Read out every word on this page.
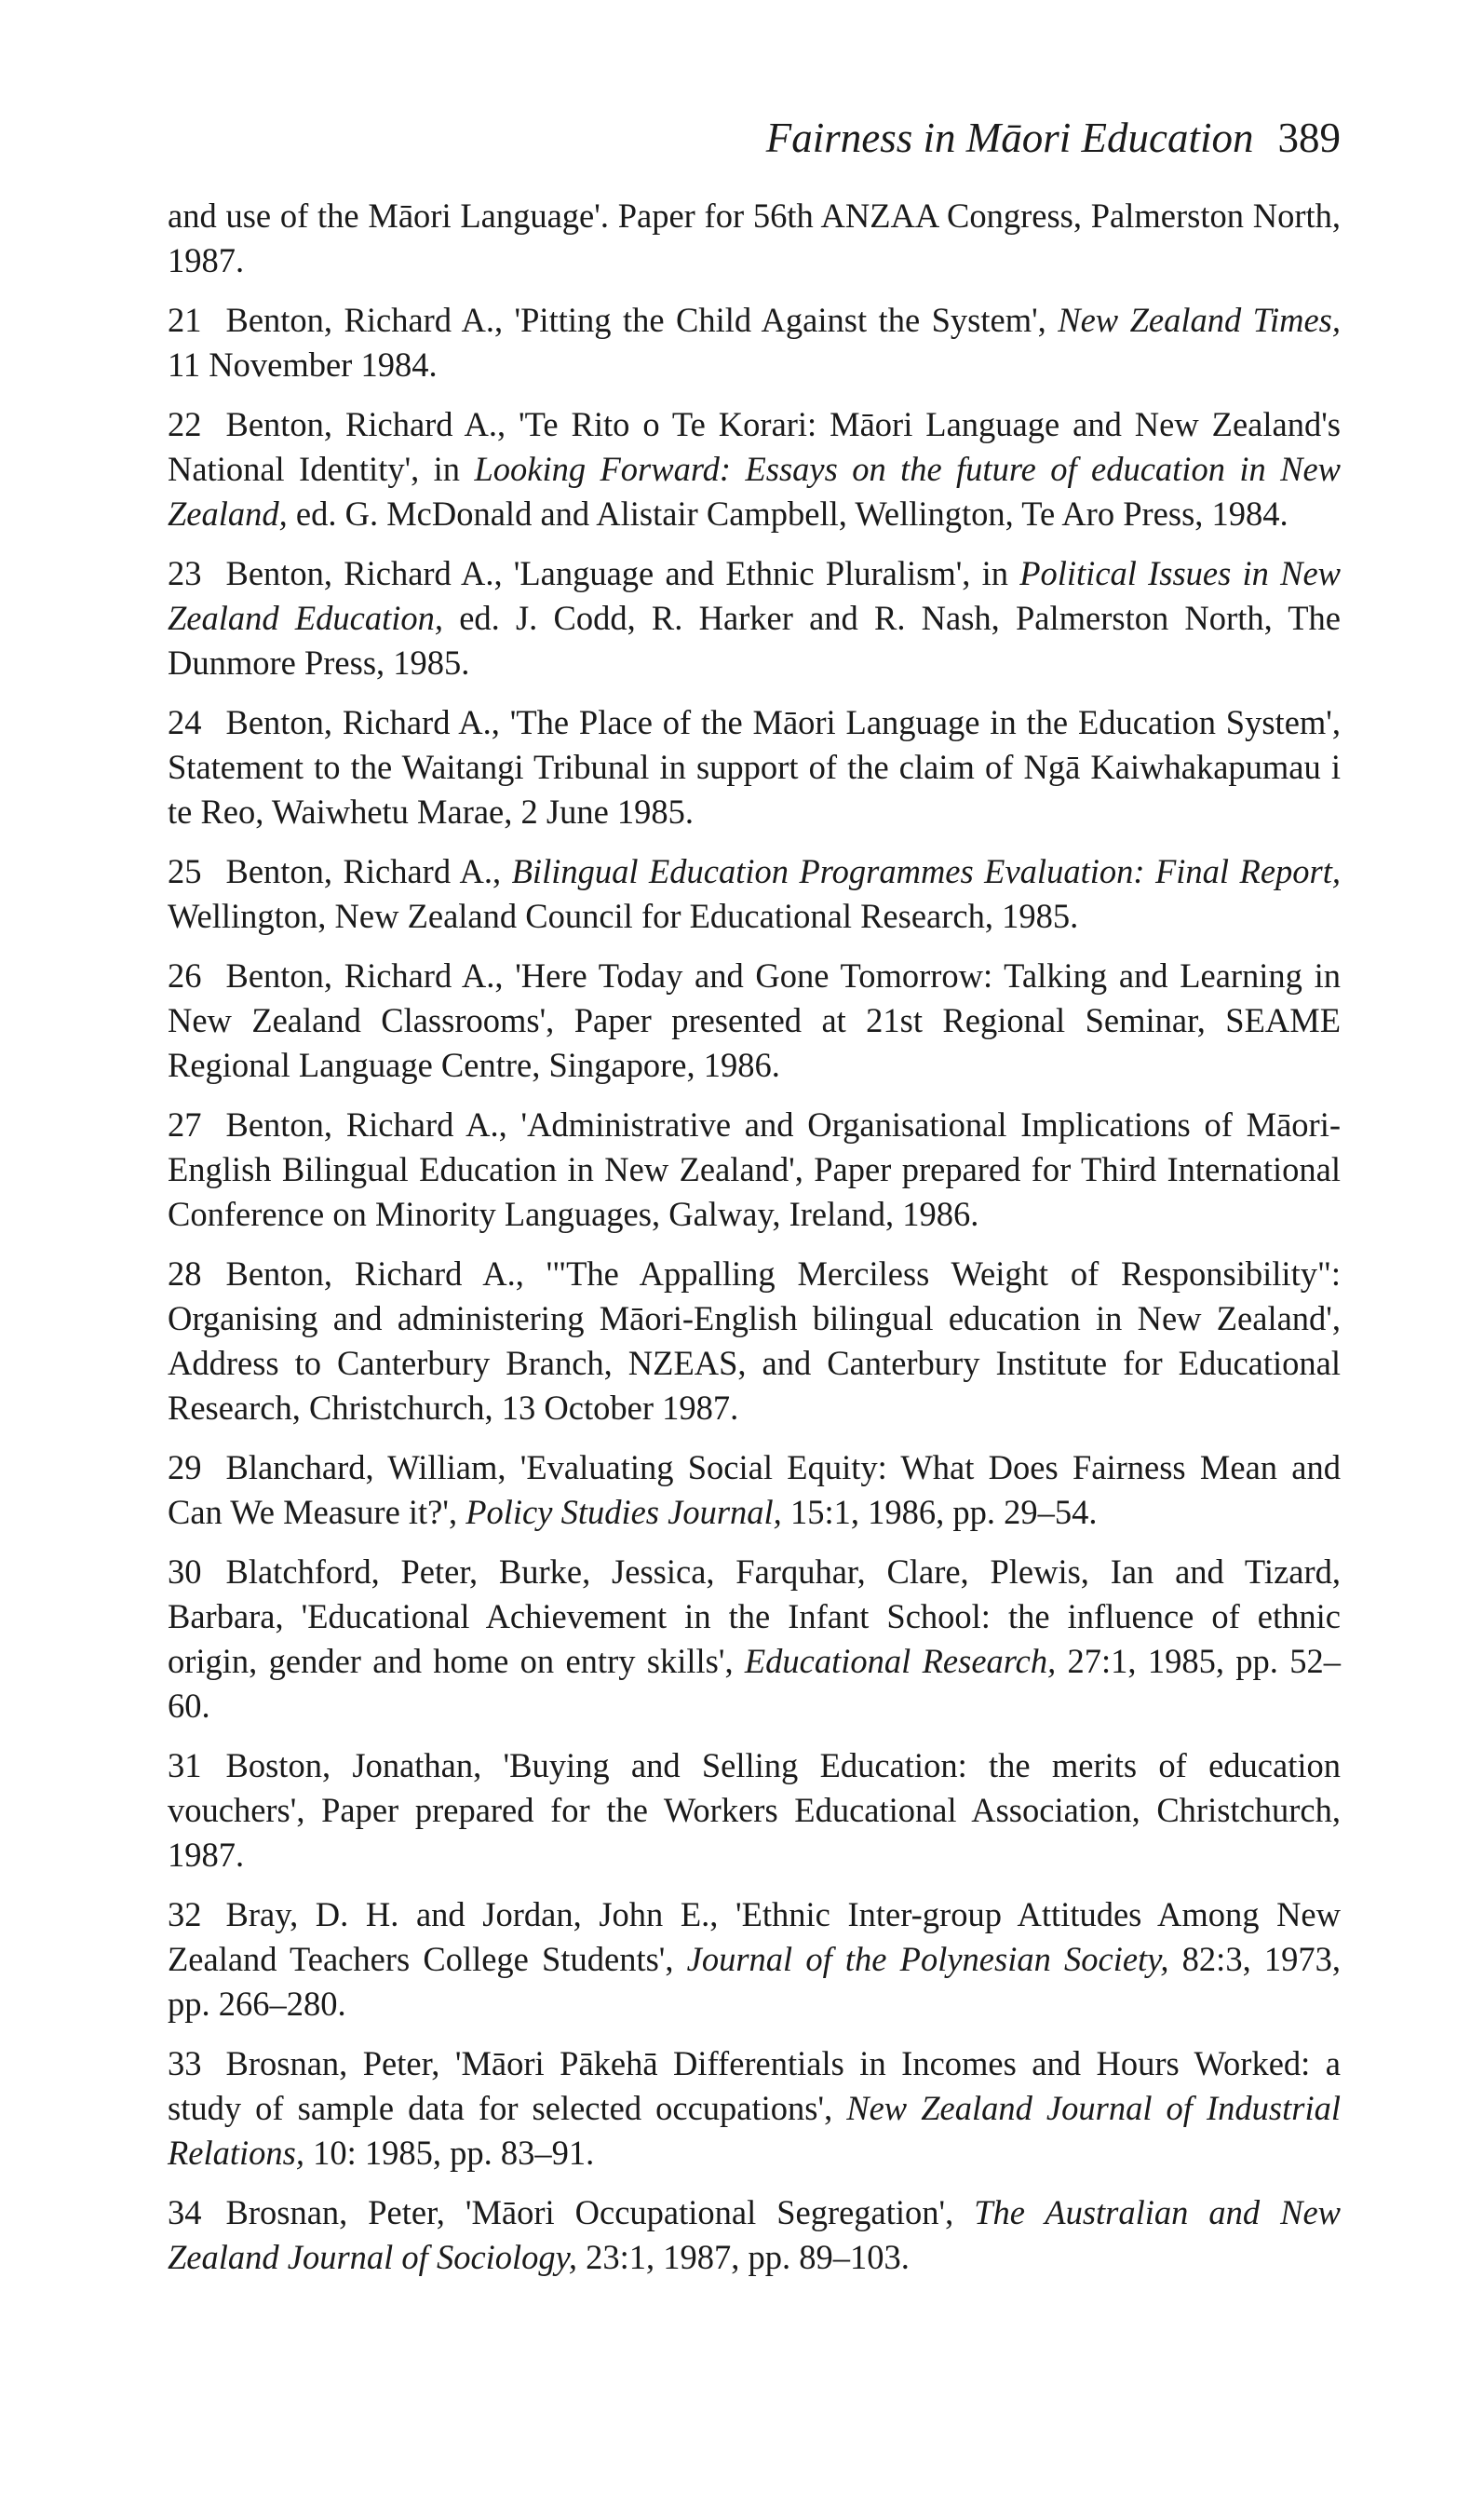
Fairness in Māori Education 389

and use of the Māori Language'. Paper for 56th ANZAA Congress, Palmerston North, 1987.

21 Benton, Richard A., 'Pitting the Child Against the System', New Zealand Times, 11 November 1984.

22 Benton, Richard A., 'Te Rito o Te Korari: Māori Language and New Zealand's National Identity', in Looking Forward: Essays on the future of education in New Zealand, ed. G. McDonald and Alistair Campbell, Wellington, Te Aro Press, 1984.

23 Benton, Richard A., 'Language and Ethnic Pluralism', in Political Issues in New Zealand Education, ed. J. Codd, R. Harker and R. Nash, Palmerston North, The Dunmore Press, 1985.

24 Benton, Richard A., 'The Place of the Māori Language in the Education System', Statement to the Waitangi Tribunal in support of the claim of Ngā Kaiwhakapumau i te Reo, Waiwhetu Marae, 2 June 1985.

25 Benton, Richard A., Bilingual Education Programmes Evaluation: Final Report, Wellington, New Zealand Council for Educational Research, 1985.

26 Benton, Richard A., 'Here Today and Gone Tomorrow: Talking and Learning in New Zealand Classrooms', Paper presented at 21st Regional Seminar, SEAME Regional Language Centre, Singapore, 1986.

27 Benton, Richard A., 'Administrative and Organisational Implications of Māori-English Bilingual Education in New Zealand', Paper prepared for Third International Conference on Minority Languages, Galway, Ireland, 1986.

28 Benton, Richard A., '"The Appalling Merciless Weight of Responsibility": Organising and administering Māori-English bilingual education in New Zealand', Address to Canterbury Branch, NZEAS, and Canterbury Institute for Educational Research, Christchurch, 13 October 1987.

29 Blanchard, William, 'Evaluating Social Equity: What Does Fairness Mean and Can We Measure it?', Policy Studies Journal, 15:1, 1986, pp. 29–54.

30 Blatchford, Peter, Burke, Jessica, Farquhar, Clare, Plewis, Ian and Tizard, Barbara, 'Educational Achievement in the Infant School: the influence of ethnic origin, gender and home on entry skills', Educational Research, 27:1, 1985, pp. 52–60.

31 Boston, Jonathan, 'Buying and Selling Education: the merits of education vouchers', Paper prepared for the Workers Educational Association, Christchurch, 1987.

32 Bray, D. H. and Jordan, John E., 'Ethnic Inter-group Attitudes Among New Zealand Teachers College Students', Journal of the Polynesian Society, 82:3, 1973, pp. 266–280.

33 Brosnan, Peter, 'Māori Pākehā Differentials in Incomes and Hours Worked: a study of sample data for selected occupations', New Zealand Journal of Industrial Relations, 10: 1985, pp. 83–91.

34 Brosnan, Peter, 'Māori Occupational Segregation', The Australian and New Zealand Journal of Sociology, 23:1, 1987, pp. 89–103.
